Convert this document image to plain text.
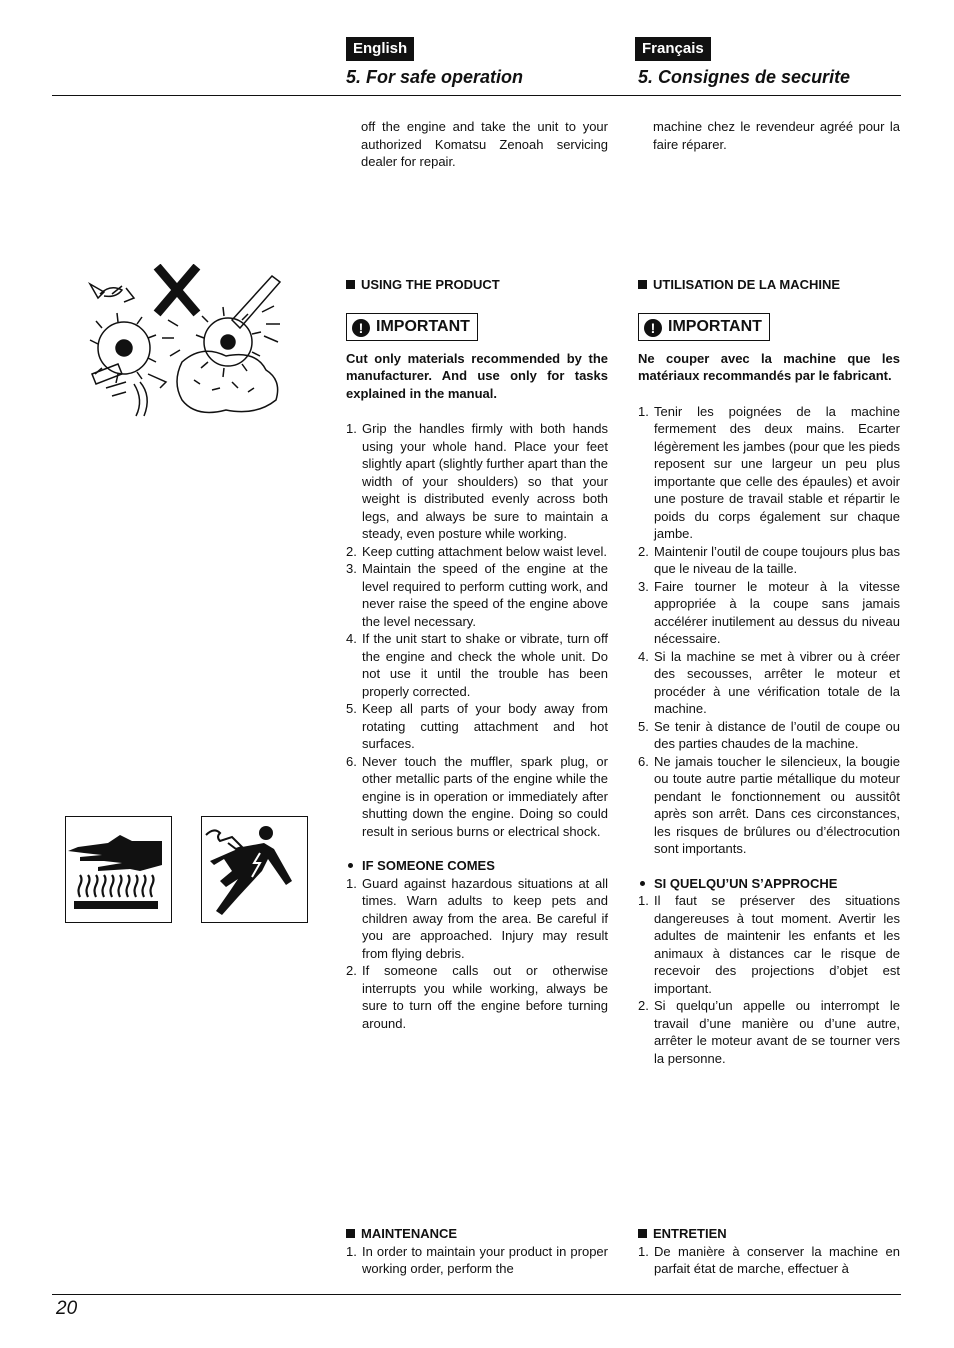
English	Français
5. For safe operation	5. Consignes de securite
off the engine and take the unit to your authorized Komatsu Zenoah servicing dealer for repair.
USING THE PRODUCT
! IMPORTANT

Cut only materials recommended by the manufacturer. And use only for tasks explained in the manual.

1. Grip the handles firmly with both hands using your whole hand. Place your feet slightly apart (slightly further apart than the width of your shoulders) so that your weight is distributed evenly across both legs, and always be sure to maintain a steady, even posture while working.
2. Keep cutting attachment below waist level.
3. Maintain the speed of the engine at the level required to perform cutting work, and never raise the speed of the engine above the level necessary.
4. If the unit start to shake or vibrate, turn off the engine and check the whole unit. Do not use it until the trouble has been properly corrected.
5. Keep all parts of your body away from rotating cutting attachment and hot surfaces.
6. Never touch the muffler, spark plug, or other metallic parts of the engine while the engine is in operation or immediately after shutting down the engine. Doing so could result in serious burns or electrical shock.
IF SOMEONE COMES
1. Guard against hazardous situations at all times. Warn adults to keep pets and children away from the area. Be careful if you are approached. Injury may result from flying debris.
2. If someone calls out or otherwise interrupts you while working, always be sure to turn off the engine before turning around.
MAINTENANCE
1. In order to maintain your product in proper working order, perform the
machine chez le revendeur agréé pour la faire réparer.
UTILISATION DE LA MACHINE
! IMPORTANT

Ne couper avec la machine que les matériaux recommandés par le fabricant.

1. Tenir les poignées de la machine fermement des deux mains. Ecarter légèrement les jambes (pour que les pieds reposent sur une largeur un peu plus importante que celle des épaules) et avoir une posture de travail stable et répartir le poids du corps également sur chaque jambe.
2. Maintenir l’outil de coupe toujours plus bas que le niveau de la taille.
3. Faire tourner le moteur à la vitesse appropriée à la coupe sans jamais accélérer inutilement au dessus du niveau nécessaire.
4. Si la machine se met à vibrer ou à créer des secousses, arrêter le moteur et procéder à une vérification totale de la machine.
5. Se tenir à distance de l’outil de coupe ou des parties chaudes de la machine.
6. Ne jamais toucher le silencieux, la bougie ou toute autre partie métallique du moteur pendant le fonctionnement ou aussitôt après son arrêt. Dans ces circonstances, les risques de brûlures ou d’électrocution sont importants.
SI QUELQU’UN S’APPROCHE
1. Il faut se préserver des situations dangereuses à tout moment. Avertir les adultes de maintenir les enfants et les animaux à distances car le risque de recevoir des projections d’objet est important.
2. Si quelqu’un appelle ou interrompt le travail d’une manière ou d’une autre, arrêter le moteur avant de se tourner vers la personne.
ENTRETIEN
1. De manière à conserver la machine en parfait état de marche, effectuer à
20
